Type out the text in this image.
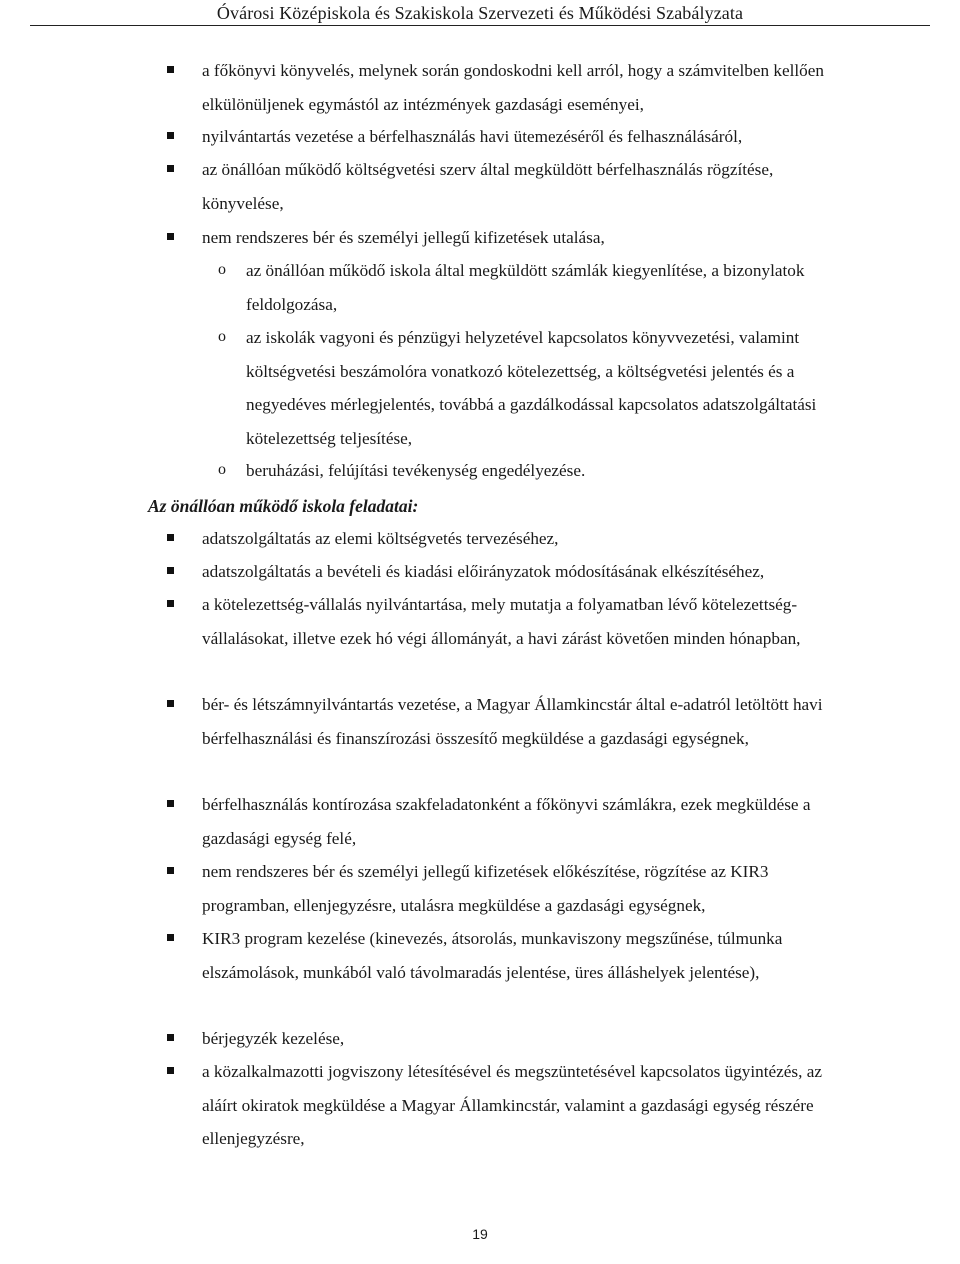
Óvárosi Középiskola és Szakiskola Szervezeti és Működési Szabályzata
a főkönyvi könyvelés, melynek során gondoskodni kell arról, hogy a számvitelben kellően elkülönüljenek egymástól az intézmények gazdasági eseményei,
nyilvántartás vezetése a bérfelhasználás havi ütemezéséről és felhasználásáról,
az önállóan működő költségvetési szerv által megküldött bérfelhasználás rögzítése, könyvelése,
nem rendszeres bér és személyi jellegű kifizetések utalása,
o az önállóan működő iskola által megküldött számlák kiegyenlítése, a bizonylatok feldolgozása,
o az iskolák vagyoni és pénzügyi helyzetével kapcsolatos könyvvezetési, valamint költségvetési beszámolóra vonatkozó kötelezettség, a költségvetési jelentés és a negyedéves mérlegjelentés, továbbá a gazdálkodással kapcsolatos adatszolgáltatási kötelezettség teljesítése,
o beruházási, felújítási tevékenység engedélyezése.
Az önállóan működő iskola feladatai:
adatszolgáltatás az elemi költségvetés tervezéséhez,
adatszolgáltatás a bevételi és kiadási előirányzatok módosításának elkészítéséhez,
a kötelezettség-vállalás nyilvántartása, mely mutatja a folyamatban lévő kötelezettség-vállalásokat, illetve ezek hó végi állományát, a havi zárást követően minden hónapban,
bér- és létszámnyilvántartás vezetése, a Magyar Államkincstár által e-adatról letöltött havi bérfelhasználási és finanszírozási összesítő megküldése a gazdasági egységnek,
bérfelhasználás kontírozása szakfeladatonként a főkönyvi számlákra, ezek megküldése a gazdasági egység felé,
nem rendszeres bér és személyi jellegű kifizetések előkészítése, rögzítése az KIR3 programban, ellenjegyzésre, utalásra megküldése a gazdasági egységnek,
KIR3 program kezelése (kinevezés, átsorolás, munkaviszony megszűnése, túlmunka elszámolások, munkából való távolmaradás jelentése, üres álláshelyek jelentése),
bérjegyzék kezelése,
a közalkalmazotti jogviszony létesítésével és megszüntetésével kapcsolatos ügyintézés, az aláírt okiratok megküldése a Magyar Államkincstár, valamint a gazdasági egység részére ellenjegyzésre,
19
